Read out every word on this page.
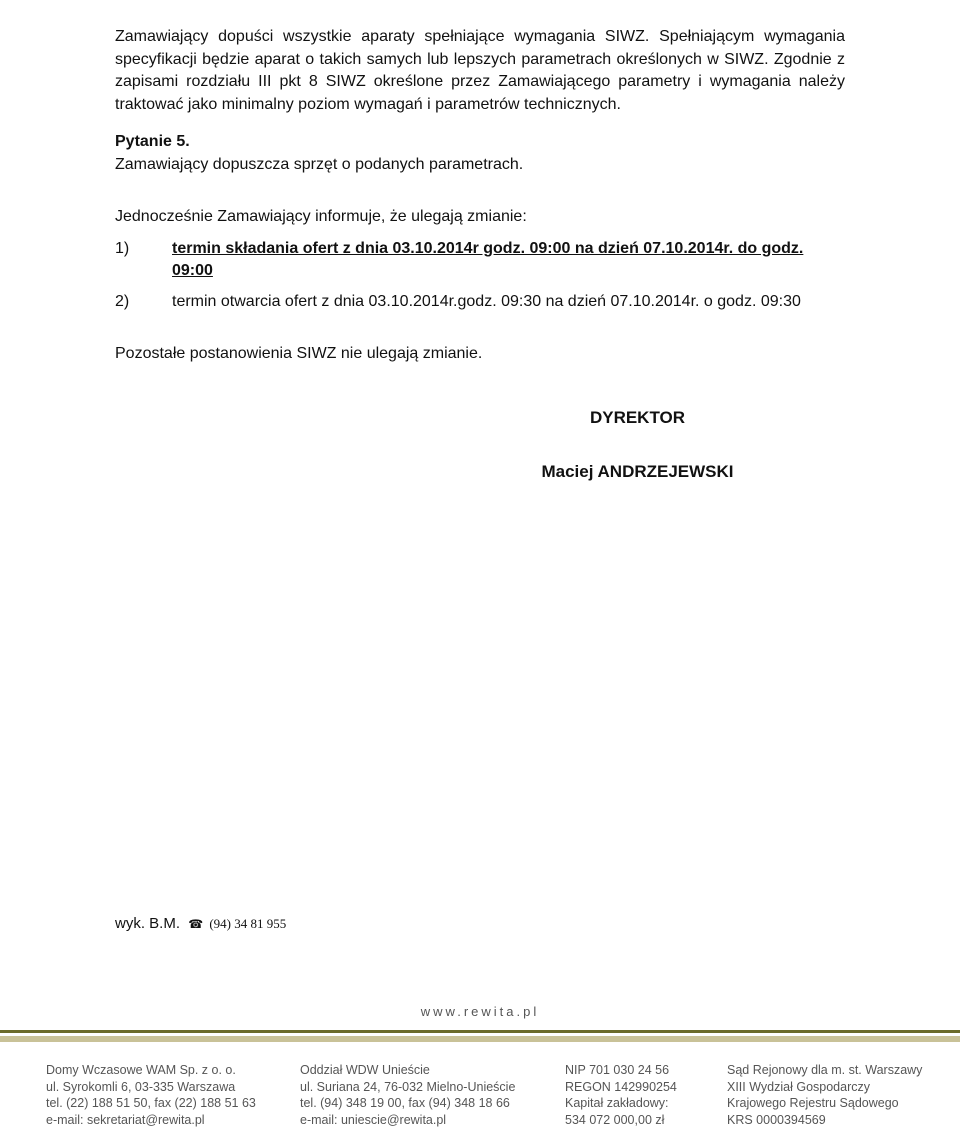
Zamawiający dopuści wszystkie aparaty spełniające wymagania SIWZ. Spełniającym wymagania specyfikacji będzie aparat o takich samych lub lepszych parametrach określonych w SIWZ. Zgodnie z zapisami rozdziału III pkt 8 SIWZ określone przez Zamawiającego parametry i wymagania należy traktować jako minimalny poziom wymagań i parametrów technicznych.

Pytanie 5.

Zamawiający dopuszcza sprzęt o podanych parametrach.

Jednocześnie Zamawiający informuje, że ulegają zmianie:

1)	termin składania ofert z dnia 03.10.2014r godz. 09:00 na dzień 07.10.2014r. do godz. 09:00
2)	termin otwarcia ofert z dnia 03.10.2014r.godz. 09:30 na dzień 07.10.2014r. o godz. 09:30

Pozostałe postanowienia SIWZ nie ulegają zmianie.

DYREKTOR
Maciej ANDRZEJEWSKI
wyk. B.M. ☎ (94) 34 81 955
www.rewita.pl
Domy Wczasowe WAM Sp. z o. o.
ul. Syrokomli 6, 03-335 Warszawa
tel. (22) 188 51 50, fax (22) 188 51 63
e-mail: sekretariat@rewita.pl
Oddział WDW Unieście
ul. Suriana 24, 76-032 Mielno-Unieście
tel. (94) 348 19 00, fax (94) 348 18 66
e-mail: uniescie@rewita.pl
NIP 701 030 24 56
REGON 142990254
Kapitał zakładowy:
534 072 000,00 zł
Sąd Rejonowy dla m. st. Warszawy
XIII Wydział Gospodarczy
Krajowego Rejestru Sądowego
KRS 0000394569
